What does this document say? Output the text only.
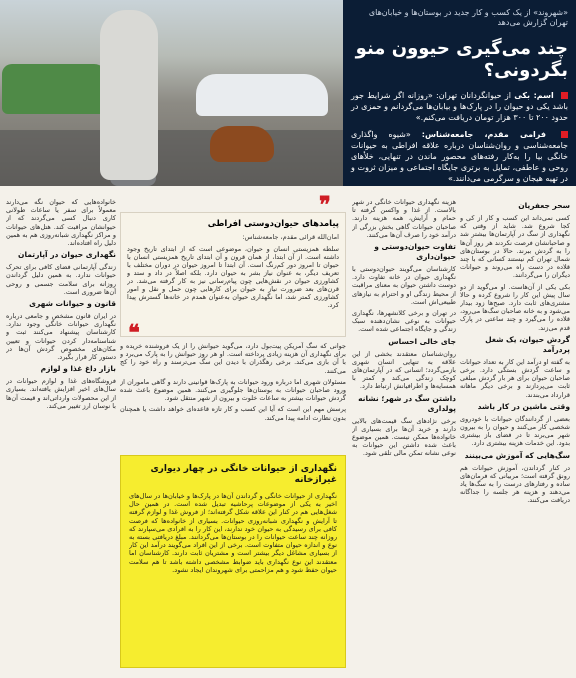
«شهروند» از یک کسب و کار جدید در بوستان‌ها و خیابان‌های تهران گزارش می‌دهد
چند می‌گیری حیوون منو بگردونی؟
اسم: بکی از حیوانگردانان تهران: «روزانه اگر شرایط جور باشد یکی دو حیوان را در پارک‌ها و بیابان‌ها می‌گردانم و حمزی در حدود ۲۰۰ تا ۳۰۰ هزار تومان دریافت می‌کنم.»
فرامی مقدم، جامعه‌شناس: «شیوه واگذاری جامعه‌شناسی و روان‌شناسان درباره علاقه افراطی به حیوانات خانگی بیا را به‌کار رفته‌های محصور ماندن در تنهایی، خلأهای روحی و عاطفی، تمایل به برتری جایگاه اجتماعی و میزان ثروت و در تهیه هیجان و سرگرمی می‌دانند.»
سحر جعفریان

کسی نمی‌داند این کسب و کار از کی و کجا شروع شد. شاید از وقتی که نگهداری از سگ در آپارتمان‌ها بیشتر شد و صاحبانشان فرصت نکردند هر روز آن‌ها را به گردش ببرند. حالا در بوستان‌های شمال تهران کم نیستند کسانی که با چند قلاده در دست راه می‌روند و حیوانات دیگران را می‌گردانند.

بکی یکی از آن‌هاست. او می‌گوید از دو سال پیش این کار را شروع کرده و حالا مشتری‌های ثابت دارد. صبح‌ها زود بیدار می‌شود و به خانه صاحبان سگ‌ها می‌رود، قلاده را می‌گیرد و چند ساعتی در پارک قدم می‌زند.

گردش حیوان، یک شغل پردرآمد

به گفته او درآمد این کار به تعداد حیوانات و ساعت گردش بستگی دارد. برخی صاحبان حیوان برای هر بار گردش مبلغی ثابت می‌پردازند و برخی دیگر ماهانه قرارداد می‌بندند.

وقتی ماشین در کار باشد

بعضی از گردانندگان حیوانات با خودروی شخصی کار می‌کنند و حیوان را به بیرون شهر می‌برند تا در فضای باز بیشتری بدود. این خدمات هزینه بیشتری دارد.

سگ‌هایی که آموزش می‌بینند

در کنار گرداندن، آموزش حیوانات هم رونق گرفته است؛ مربیانی که فرمان‌های ساده و رفتارهای درست را به سگ‌ها یاد می‌دهند و هزینه هر جلسه را جداگانه دریافت می‌کنند.

هزینه نگهداری حیوانات خانگی در شهر بالاست. از غذا و واکسن گرفته تا حمام و آرایش، همه هزینه دارند. صاحبان حیوانات گاهی بخش بزرگی از درآمد خود را صرف آن‌ها می‌کنند.

تفاوت حیوان‌دوستی و حیوان‌داری

کارشناسان می‌گویند حیوان‌دوستی با نگهداری حیوان در خانه تفاوت دارد. دوست داشتن حیوان به معنای مراقبت از محیط زندگی او و احترام به نیازهای طبیعی‌اش است.

در تهران و برخی کلانشهرها، نگهداری حیوانات به نوعی نشان‌دهنده سبک زندگی و جایگاه اجتماعی شده است.

جای خالی احساس

روان‌شناسان معتقدند بخشی از این علاقه به تنهایی انسان شهری بازمی‌گردد؛ انسانی که در آپارتمان‌های کوچک زندگی می‌کند و کمتر با همسایه‌ها و اطرافیانش ارتباط دارد.

داشتن سگ در شهر؛ نشانه پولداری

برخی نژادهای سگ قیمت‌های بالایی دارند و خرید آن‌ها برای بسیاری از خانواده‌ها ممکن نیست. همین موضوع باعث شده داشتن این حیوانات به نوعی نشانه تمکن مالی تلقی شود.

خانواده‌هایی که حیوان نگه می‌دارند معمولاً برای سفر یا ساعات طولانی کاری دنبال کسی می‌گردند که از حیوانشان مراقبت کند. هتل‌های حیوانات و مراکز نگهداری شبانه‌روزی هم به همین دلیل راه افتاده‌اند.

نگهداری حیوان در آپارتمان

زندگی آپارتمانی فضای کافی برای تحرک حیوانات ندارد. به همین دلیل گرداندن روزانه برای سلامت جسمی و روحی آن‌ها ضروری است.

قانون و حیوانات شهری

در ایران قانون مشخص و جامعی درباره نگهداری حیوانات خانگی وجود ندارد. کارشناسان پیشنهاد می‌کنند ثبت و شناسنامه‌دار کردن حیوانات و تعیین مکان‌های مخصوص گردش آن‌ها در دستور کار قرار بگیرد.

بازار داغ غذا و لوازم

فروشگاه‌های غذا و لوازم حیوانات در سال‌های اخیر افزایش یافته‌اند. بسیاری از این محصولات وارداتی‌اند و قیمت آن‌ها با نوسان ارز تغییر می‌کند.

پیامدهای حیوان‌دوستی افراطی
امان‌الله قرائی مقدم، جامعه‌شناس:
سلطه همزیستی انسان و حیوان، موضوعی است که از ابتدای تاریخ وجود داشته است. از آن ابتدا، از همان قرون و آن ابتدای تاریخ همزیستی انسان با حیوان تا امروز دور کم‌رنگ است. آن ابتدا تا امروز حیوان در دوران مختلف با تعریف دیگر، به عنوان نیاز بشر به حیوان دارد. بلکه اصلاً در داد و ستد و کشاورزی حیوان در نقش‌هایی چون پیام‌رسانی نیز به کار گرفته می‌شد. در قرن‌های بعد ضرورت نیاز به حیوان برای کارهایی چون حمل و نقل و امور کشاورزی کمتر شد، اما نگهداری حیوان به‌عنوان همدم در خانه‌ها گسترش پیدا کرد.

جوانی که سگ آمریکن پیت‌بول دارد، می‌گوید حیوانش را از یک فروشنده خریده و برای نگهداری آن هزینه زیادی پرداخته است. او هر روز حیوانش را به پارک می‌برد و با آن بازی می‌کند. برخی رهگذران با دیدن این سگ می‌ترسند و راه خود را کج می‌کنند.

مسئولان شهری اما درباره ورود حیوانات به پارک‌ها قوانینی دارند و گاهی ماموران از ورود صاحبان حیوانات به بوستان‌ها جلوگیری می‌کنند. همین موضوع باعث شده گردش حیوانات بیشتر به ساعات خلوت و بیرون از شهر منتقل شود.

پرسش مهم این است که آیا این کسب و کار تازه قاعده‌ای خواهد داشت یا همچنان بدون نظارت ادامه پیدا می‌کند.

نگهداری از حیوانات خانگی در چهار دیواری غیرازخانه
نگهداری از حیوانات خانگی و گرداندن آن‌ها در پارک‌ها و خیابان‌ها در سال‌های اخیر به یکی از موضوعات پرحاشیه تبدیل شده است. در همین حال شغل‌هایی هم در کنار این علاقه شکل گرفته‌اند؛ از فروش غذا و لوازم گرفته تا آرایش و نگهداری شبانه‌روزی حیوانات. بسیاری از خانواده‌ها که فرصت کافی برای رسیدگی به حیوان خود ندارند، این کار را به افرادی می‌سپارند که روزانه چند ساعت حیوانات را در بوستان‌ها می‌گردانند. مبلغ دریافتی بسته به نوع و اندازه حیوان متفاوت است. برخی از این افراد می‌گویند درآمد این کار از بسیاری مشاغل دیگر بیشتر است و مشتریان ثابت دارند. کارشناسان اما معتقدند این نوع نگهداری باید ضوابط مشخصی داشته باشد تا هم سلامت حیوان حفظ شود و هم مزاحمتی برای شهروندان ایجاد نشود.
❞
❝
